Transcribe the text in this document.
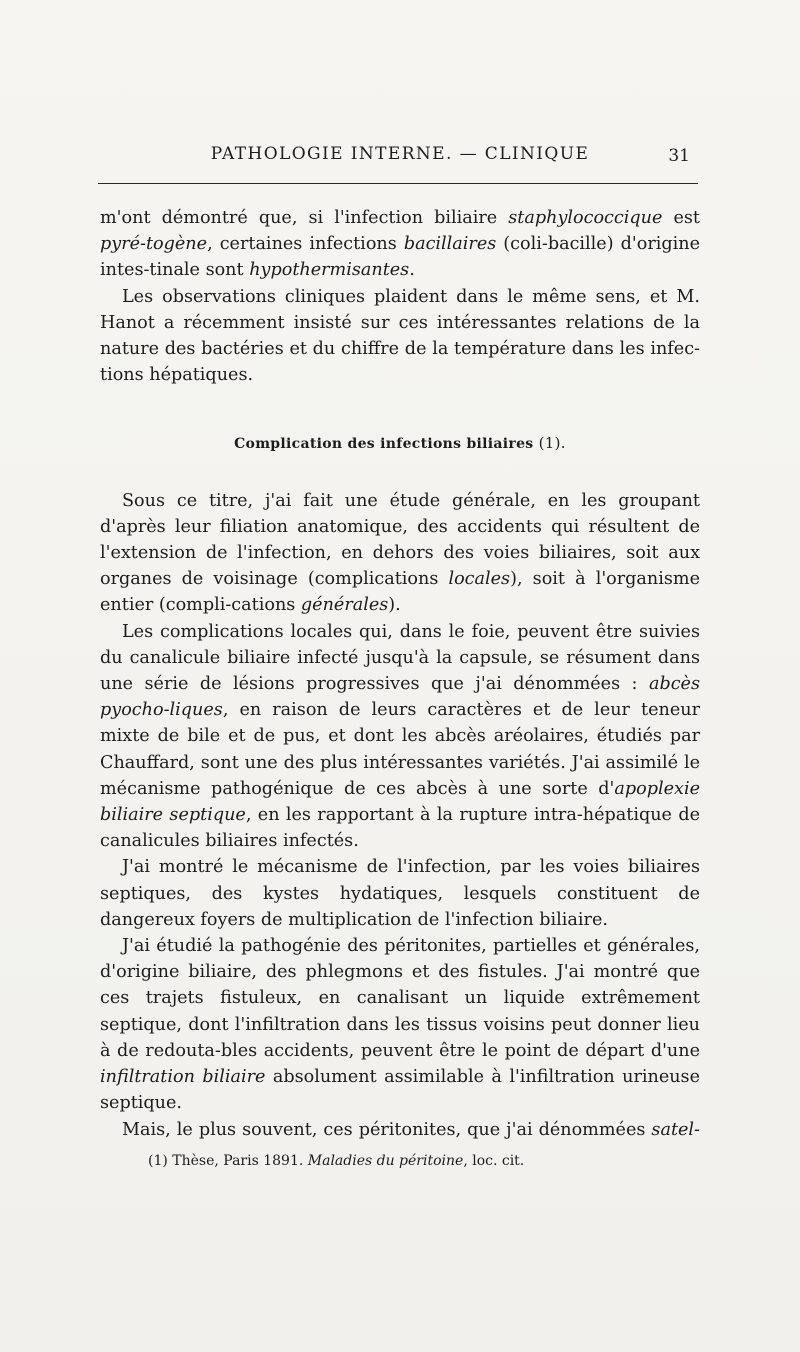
PATHOLOGIE INTERNE. — CLINIQUE	31

m'ont démontré que, si l'infection biliaire staphylococcique est pyré-togène, certaines infections bacillaires (coli-bacille) d'origine intes-tinale sont hypothermisantes.

Les observations cliniques plaident dans le même sens, et M. Hanot a récemment insisté sur ces intéressantes relations de la nature des bactéries et du chiffre de la température dans les infec-tions hépatiques.

Complication des infections biliaires (1).

Sous ce titre, j'ai fait une étude générale, en les groupant d'après leur filiation anatomique, des accidents qui résultent de l'extension de l'infection, en dehors des voies biliaires, soit aux organes de voisinage (complications locales), soit à l'organisme entier (compli-cations générales).

Les complications locales qui, dans le foie, peuvent être suivies du canalicule biliaire infecté jusqu'à la capsule, se résument dans une série de lésions progressives que j'ai dénommées : abcès pyocho-liques, en raison de leurs caractères et de leur teneur mixte de bile et de pus, et dont les abcès aréolaires, étudiés par Chauffard, sont une des plus intéressantes variétés. J'ai assimilé le mécanisme pathogénique de ces abcès à une sorte d'apoplexie biliaire septique, en les rapportant à la rupture intra-hépatique de canalicules biliaires infectés.

J'ai montré le mécanisme de l'infection, par les voies biliaires septiques, des kystes hydatiques, lesquels constituent de dangereux foyers de multiplication de l'infection biliaire.

J'ai étudié la pathogénie des péritonites, partielles et générales, d'origine biliaire, des phlegmons et des fistules. J'ai montré que ces trajets fistuleux, en canalisant un liquide extrêmement septique, dont l'infiltration dans les tissus voisins peut donner lieu à de redouta-bles accidents, peuvent être le point de départ d'une infiltration biliaire absolument assimilable à l'infiltration urineuse septique.

Mais, le plus souvent, ces péritonites, que j'ai dénommées satel-

(1) Thèse, Paris 1891. Maladies du péritoine, loc. cit.
